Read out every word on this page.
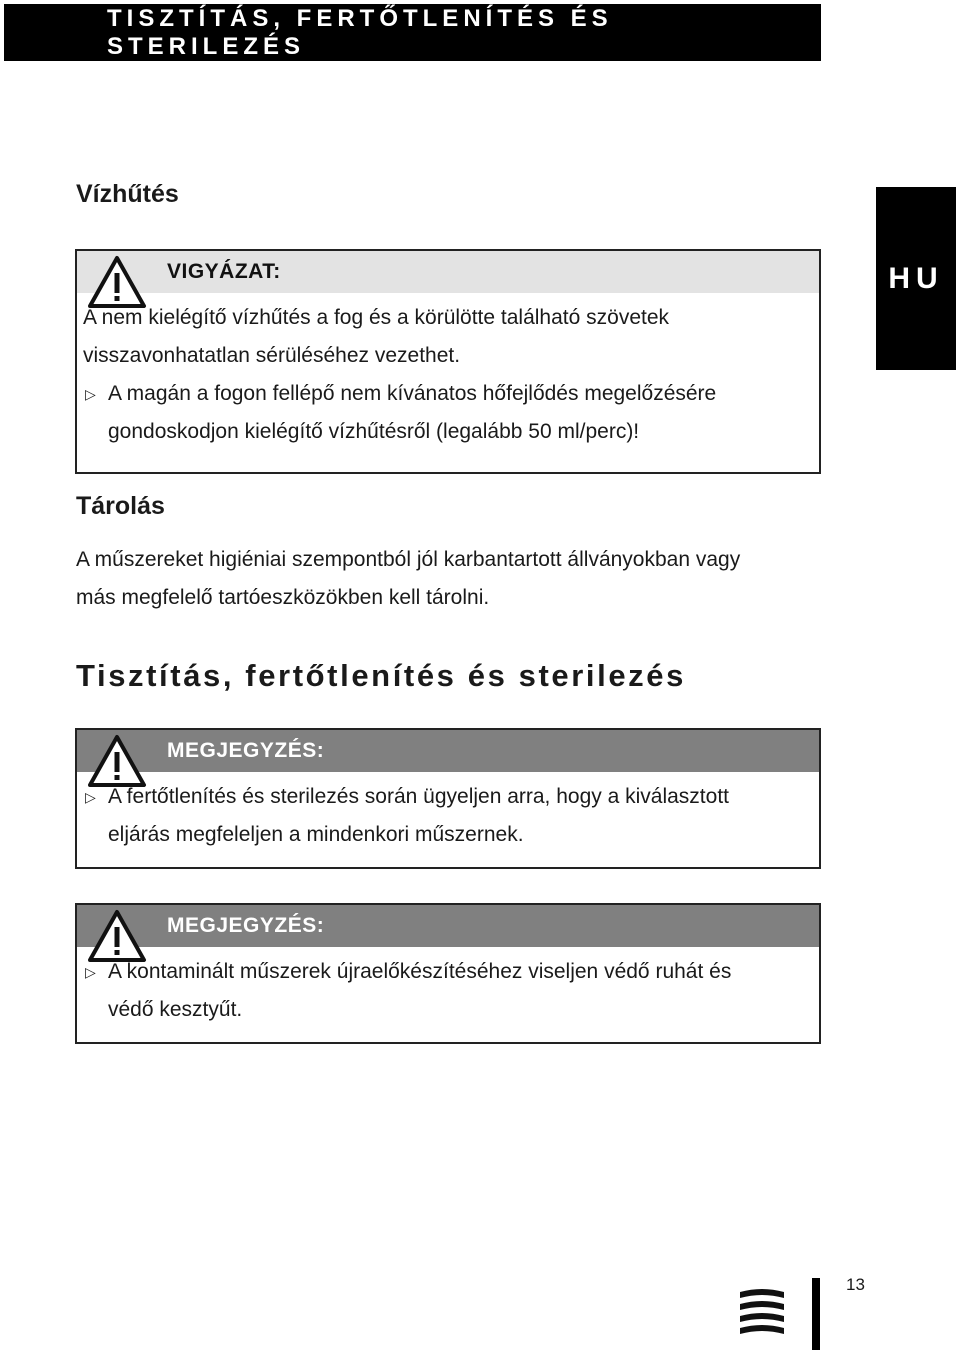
TISZTÍTÁS, FERTŐTLENÍTÉS ÉS STERILEZÉS
HU
Vízhűtés
VIGYÁZAT:
A nem kielégítő vízhűtés a fog és a körülötte található szövetek
visszavonhatatlan sérüléséhez vezethet.
▷ A magán a fogon fellépő nem kívánatos hőfejlődés megelőzésére
gondoskodjon kielégítő vízhűtésről (legalább 50 ml/perc)!
Tárolás
A műszereket higiéniai szempontból jól karbantartott állványokban vagy
más megfelelő tartóeszközökben kell tárolni.
Tisztítás, fertőtlenítés és sterilezés
MEGJEGYZÉS:
▷ A fertőtlenítés és sterilezés során ügyeljen arra, hogy a kiválasztott
eljárás megfeleljen a mindenkori műszernek.
MEGJEGYZÉS:
▷ A kontaminált műszerek újraelőkészítéséhez viseljen védő ruhát és
védő kesztyűt.
13
